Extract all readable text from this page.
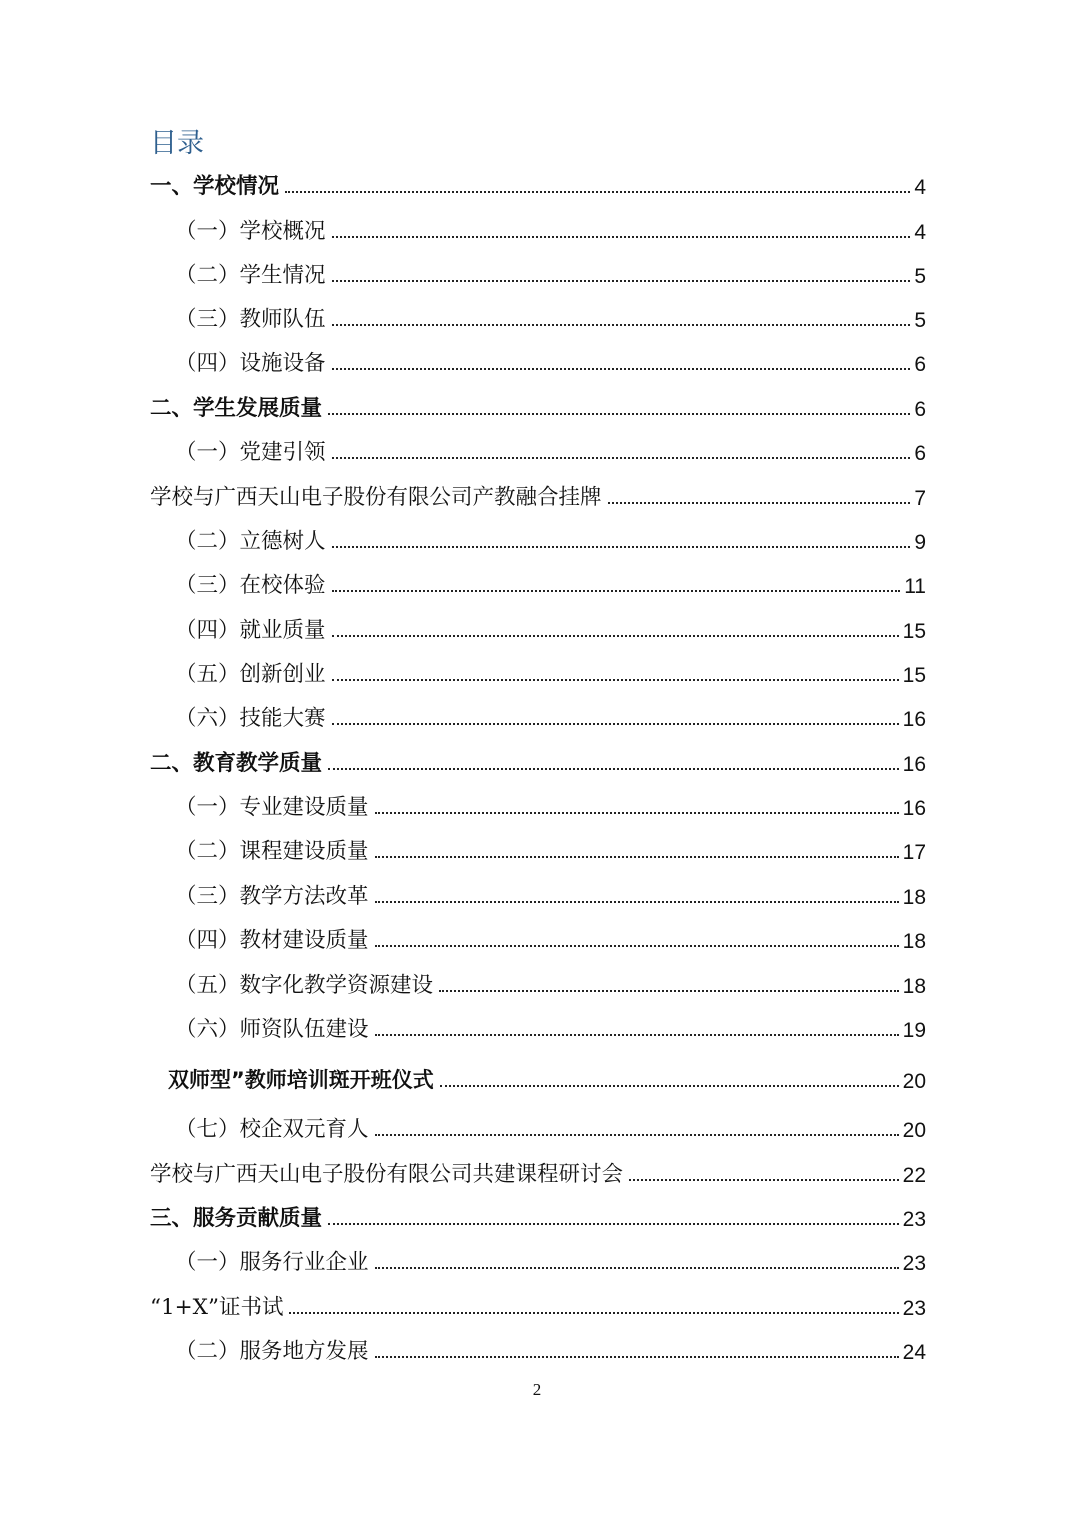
目录
一、学校情况	4
（一）学校概况	4
（二）学生情况	5
（三）教师队伍	5
（四）设施设备	6
二、学生发展质量	6
（一）党建引领	6
学校与广西天山电子股份有限公司产教融合挂牌	7
（二）立德树人	9
（三）在校体验	11
（四）就业质量	15
（五）创新创业	15
（六）技能大赛	16
二、教育教学质量	16
（一）专业建设质量	16
（二）课程建设质量	17
（三）教学方法改革	18
（四）教材建设质量	18
（五）数字化教学资源建设	18
（六）师资队伍建设	19
双师型”教师培训斑开班仪式	20
（七）校企双元育人	20
学校与广西天山电子股份有限公司共建课程研讨会	22
三、服务贡献质量	23
（一）服务行业企业	23
“1+X”证书试	23
（二）服务地方发展	24
2
